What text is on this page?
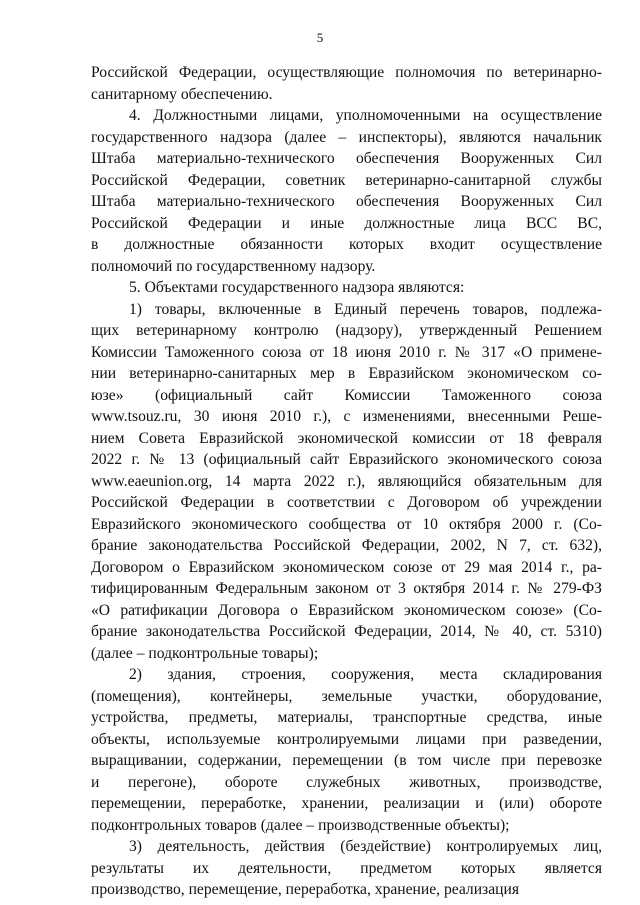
5
Российской Федерации, осуществляющие полномочия по ветеринарно-
санитарному обеспечению.
4. Должностными лицами, уполномоченными на осуществление
государственного надзора (далее – инспекторы), являются начальник
Штаба материально-технического обеспечения Вооруженных Сил
Российской Федерации, советник ветеринарно-санитарной службы
Штаба материально-технического обеспечения Вооруженных Сил
Российской Федерации и иные должностные лица ВСС ВС,
в должностные обязанности которых входит осуществление
полномочий по государственному надзору.
5. Объектами государственного надзора являются:
1) товары, включенные в Единый перечень товаров, подлежа-
щих ветеринарному контролю (надзору), утвержденный Решением
Комиссии Таможенного союза от 18 июня 2010 г. № 317 «О примене-
нии ветеринарно-санитарных мер в Евразийском экономическом со-
юзе» (официальный сайт Комиссии Таможенного союза
www.tsouz.ru, 30 июня 2010 г.), с изменениями, внесенными Реше-
нием Совета Евразийской экономической комиссии от 18 февраля
2022 г. № 13 (официальный сайт Евразийского экономического союза
www.eaeunion.org, 14 марта 2022 г.), являющийся обязательным для
Российской Федерации в соответствии с Договором об учреждении
Евразийского экономического сообщества от 10 октября 2000 г. (Со-
брание законодательства Российской Федерации, 2002, N 7, ст. 632),
Договором о Евразийском экономическом союзе от 29 мая 2014 г., ра-
тифицированным Федеральным законом от 3 октября 2014 г. № 279-ФЗ
«О ратификации Договора о Евразийском экономическом союзе» (Со-
брание законодательства Российской Федерации, 2014, № 40, ст. 5310)
(далее – подконтрольные товары);
2) здания, строения, сооружения, места складирования
(помещения), контейнеры, земельные участки, оборудование,
устройства, предметы, материалы, транспортные средства, иные
объекты, используемые контролируемыми лицами при разведении,
выращивании, содержании, перемещении (в том числе при перевозке
и перегоне), обороте служебных животных, производстве,
перемещении, переработке, хранении, реализации и (или) обороте
подконтрольных товаров (далее – производственные объекты);
3) деятельность, действия (бездействие) контролируемых лиц,
результаты их деятельности, предметом которых является
производство, перемещение, переработка, хранение, реализация
